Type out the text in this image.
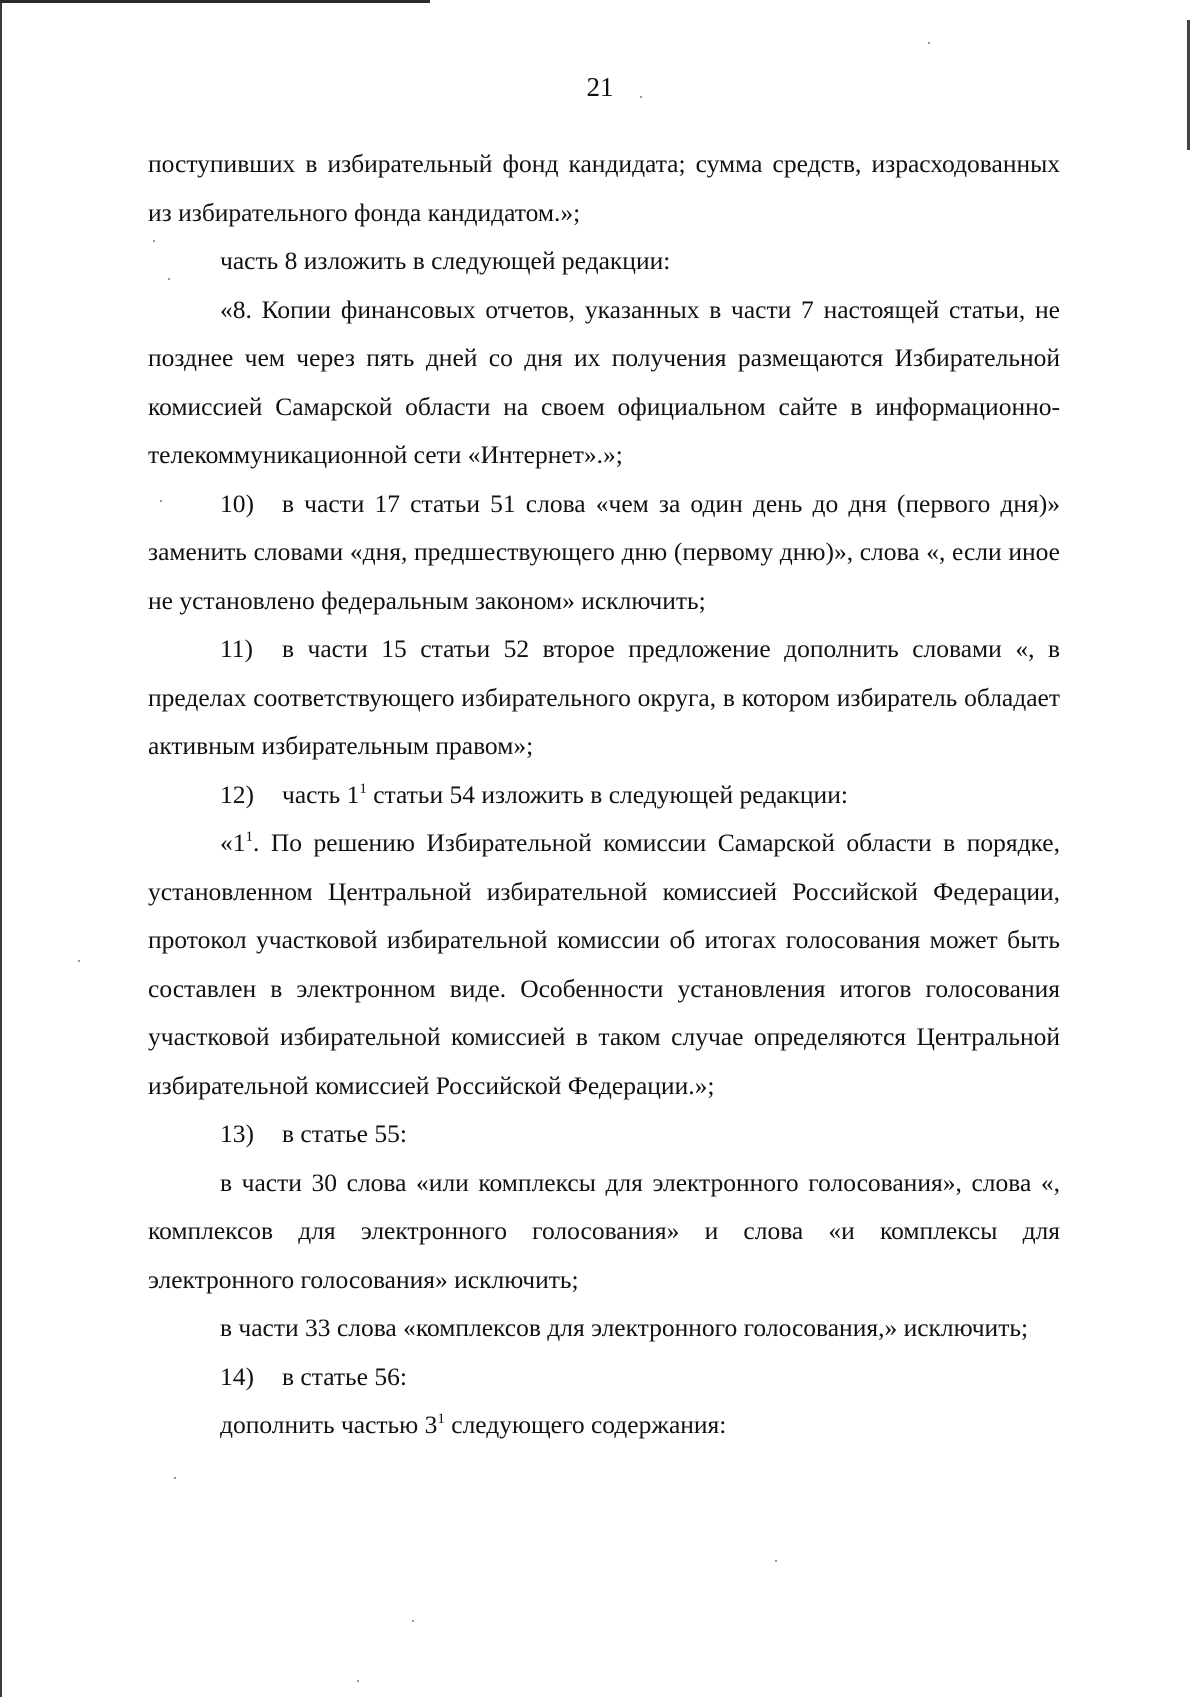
21

поступивших в избирательный фонд кандидата; сумма средств, израсходованных из избирательного фонда кандидатом.»;

часть 8 изложить в следующей редакции:

«8. Копии финансовых отчетов, указанных в части 7 настоящей статьи, не позднее чем через пять дней со дня их получения размещаются Избирательной комиссией Самарской области на своем официальном сайте в информационно-телекоммуникационной сети «Интернет».»;

10) в части 17 статьи 51 слова «чем за один день до дня (первого дня)» заменить словами «дня, предшествующего дню (первому дню)», слова «, если иное не установлено федеральным законом» исключить;

11) в части 15 статьи 52 второе предложение дополнить словами «, в пределах соответствующего избирательного округа, в котором избиратель обладает активным избирательным правом»;

12) часть $1^1$ статьи 54 изложить в следующей редакции:

«$1^1$. По решению Избирательной комиссии Самарской области в порядке, установленном Центральной избирательной комиссией Российской Федерации, протокол участковой избирательной комиссии об итогах голосования может быть составлен в электронном виде. Особенности установления итогов голосования участковой избирательной комиссией в таком случае определяются Центральной избирательной комиссией Российской Федерации.»;

13) в статье 55:

в части 30 слова «или комплексы для электронного голосования», слова «, комплексов для электронного голосования» и слова «и комплексы для электронного голосования» исключить;

в части 33 слова «комплексов для электронного голосования,» исключить;

14) в статье 56:

дополнить частью $3^1$ следующего содержания:
